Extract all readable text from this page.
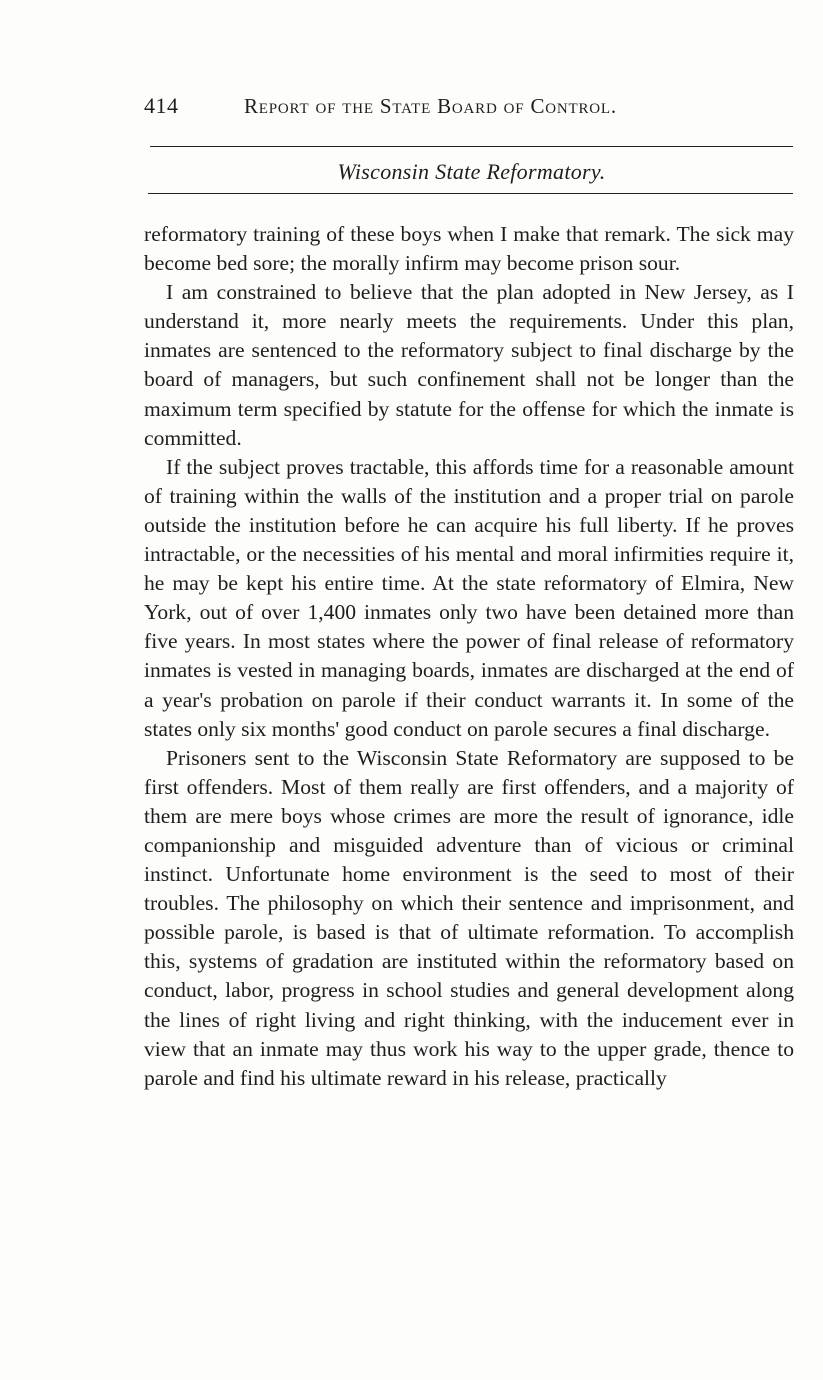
414	Report of the State Board of Control.
Wisconsin State Reformatory.

reformatory training of these boys when I make that remark. The sick may become bed sore; the morally infirm may become prison sour.

I am constrained to believe that the plan adopted in New Jersey, as I understand it, more nearly meets the requirements. Under this plan, inmates are sentenced to the reformatory subject to final discharge by the board of managers, but such confinement shall not be longer than the maximum term specified by statute for the offense for which the inmate is committed.

If the subject proves tractable, this affords time for a reasonable amount of training within the walls of the institution and a proper trial on parole outside the institution before he can acquire his full liberty. If he proves intractable, or the necessities of his mental and moral infirmities require it, he may be kept his entire time. At the state reformatory of Elmira, New York, out of over 1,400 inmates only two have been detained more than five years. In most states where the power of final release of reformatory inmates is vested in managing boards, inmates are discharged at the end of a year's probation on parole if their conduct warrants it. In some of the states only six months' good conduct on parole secures a final discharge.

Prisoners sent to the Wisconsin State Reformatory are supposed to be first offenders. Most of them really are first offenders, and a majority of them are mere boys whose crimes are more the result of ignorance, idle companionship and misguided adventure than of vicious or criminal instinct. Unfortunate home environment is the seed to most of their troubles. The philosophy on which their sentence and imprisonment, and possible parole, is based is that of ultimate reformation. To accomplish this, systems of gradation are instituted within the reformatory based on conduct, labor, progress in school studies and general development along the lines of right living and right thinking, with the inducement ever in view that an inmate may thus work his way to the upper grade, thence to parole and find his ultimate reward in his release, practically
